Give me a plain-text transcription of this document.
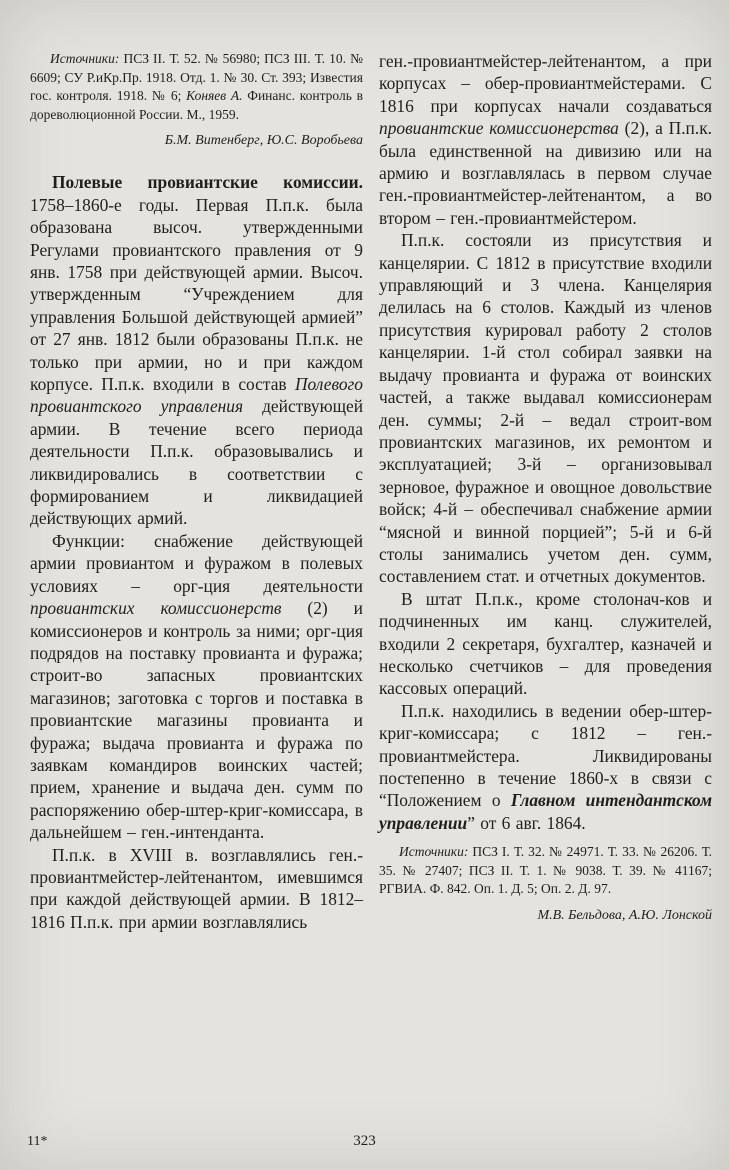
Источники: ПСЗ II. Т. 52. № 56980; ПСЗ III. Т. 10. № 6609; СУ Р.иКр.Пр. 1918. Отд. 1. № 30. Ст. 393; Известия гос. контроля. 1918. № 6; Коняев А. Финанс. контроль в дореволюционной России. М., 1959.

Б.М. Витенберг, Ю.С. Воробьева

Полевые провиантские комиссии. 1758–1860-е годы. Первая П.п.к. была образована высоч. утвержденными Регулами провиантского правления от 9 янв. 1758 при действующей армии. Высоч. утвержденным “Учреждением для управления Большой действующей армией” от 27 янв. 1812 были образованы П.п.к. не только при армии, но и при каждом корпусе. П.п.к. входили в состав Полевого провиантского управления действующей армии. В течение всего периода деятельности П.п.к. образовывались и ликвидировались в соответствии с формированием и ликвидацией действующих армий.

Функции: снабжение действующей армии провиантом и фуражом в полевых условиях – орг-ция деятельности провиантских комиссионерств (2) и комиссионеров и контроль за ними; орг-ция подрядов на поставку провианта и фуража; строит-во запасных провиантских магазинов; заготовка с торгов и поставка в провиантские магазины провианта и фуража; выдача провианта и фуража по заявкам командиров воинских частей; прием, хранение и выдача ден. сумм по распоряжению обер-штер-криг-комиссара, в дальнейшем – ген.-интенданта.

П.п.к. в XVIII в. возглавлялись ген.-провиантмейстер-лейтенантом, имевшимся при каждой действующей армии. В 1812–1816 П.п.к. при армии возглавлялись

ген.-провиантмейстер-лейтенантом, а при корпусах – обер-провиантмейстерами. С 1816 при корпусах начали создаваться провиантские комиссионерства (2), а П.п.к. была единственной на дивизию или на армию и возглавлялась в первом случае ген.-провиантмейстер-лейтенантом, а во втором – ген.-провиантмейстером.

П.п.к. состояли из присутствия и канцелярии. С 1812 в присутствие входили управляющий и 3 члена. Канцелярия делилась на 6 столов. Каждый из членов присутствия курировал работу 2 столов канцелярии. 1-й стол собирал заявки на выдачу провианта и фуража от воинских частей, а также выдавал комиссионерам ден. суммы; 2-й – ведал строит-вом провиантских магазинов, их ремонтом и эксплуатацией; 3-й – организовывал зерновое, фуражное и овощное довольствие войск; 4-й – обеспечивал снабжение армии “мясной и винной порцией”; 5-й и 6-й столы занимались учетом ден. сумм, составлением стат. и отчетных документов.

В штат П.п.к., кроме столонач-ков и подчиненных им канц. служителей, входили 2 секретаря, бухгалтер, казначей и несколько счетчиков – для проведения кассовых операций.

П.п.к. находились в ведении обер-штер-криг-комиссара; с 1812 – ген.-провиантмейстера. Ликвидированы постепенно в течение 1860-х в связи с “Положением о Главном интендантском управлении” от 6 авг. 1864.

Источники: ПСЗ I. Т. 32. № 24971. Т. 33. № 26206. Т. 35. № 27407; ПСЗ II. Т. 1. № 9038. Т. 39. № 41167; РГВИА. Ф. 842. Оп. 1. Д. 5; Оп. 2. Д. 97.

М.В. Бельдова, А.Ю. Лонской

11*	323
